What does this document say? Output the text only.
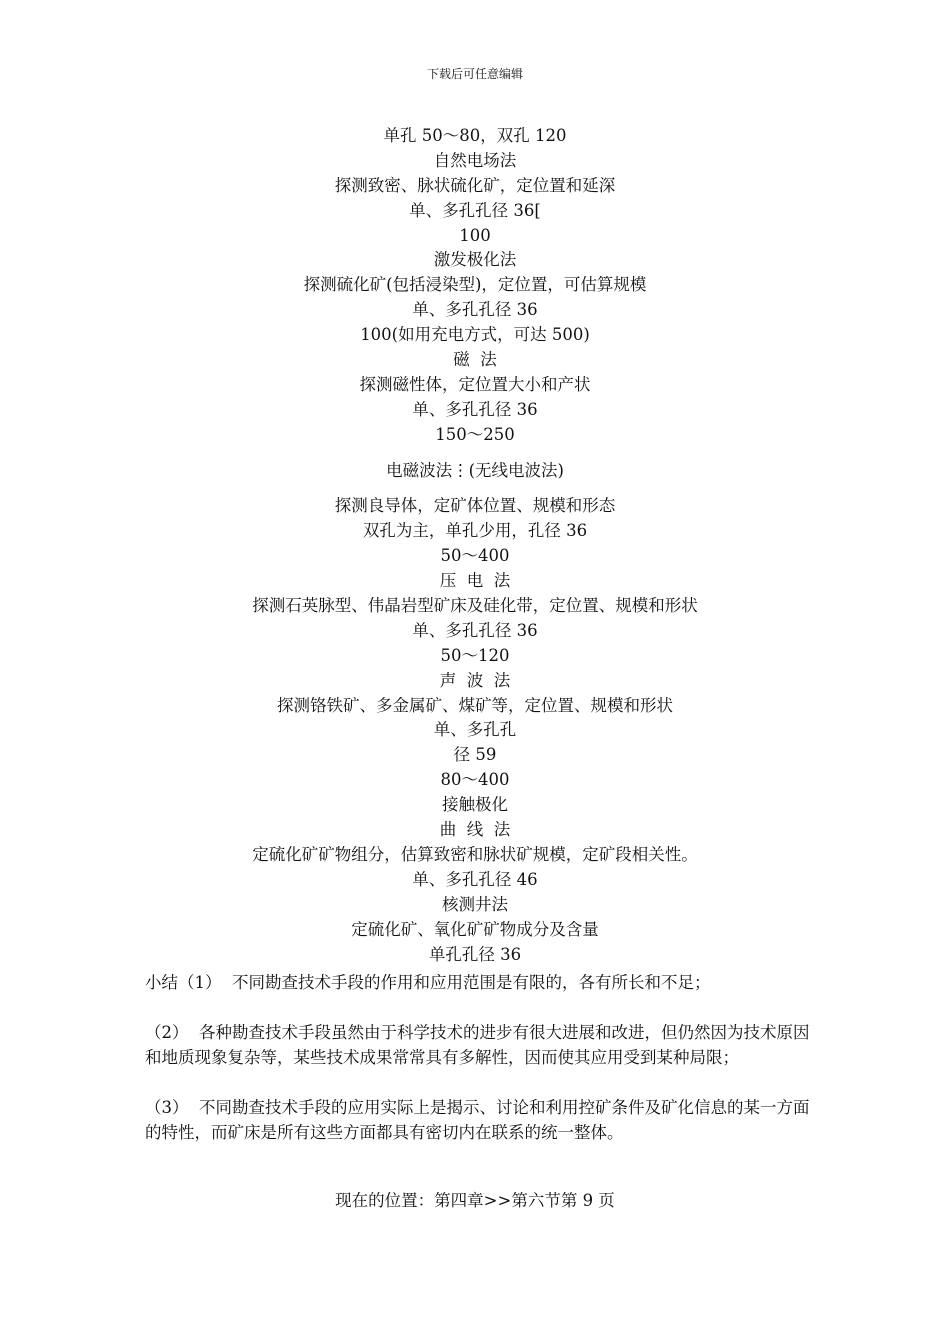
下载后可任意编辑
单孔 50～80，双孔 120
自然电场法
探测致密、脉状硫化矿，定位置和延深
单、多孔孔径 36[
100
激发极化法
探测硫化矿(包括浸染型)，定位置，可估算规模
单、多孔孔径 36
100(如用充电方式，可达 500)
磁  法
探测磁性体，定位置大小和产状
单、多孔孔径 36
150～250
电磁波法⋮(无线电波法)
探测良导体，定矿体位置、规模和形态
双孔为主，单孔少用，孔径 36
50～400
压  电  法
探测石英脉型、伟晶岩型矿床及硅化带，定位置、规模和形状
单、多孔孔径 36
50～120
声  波  法
探测铬铁矿、多金属矿、煤矿等，定位置、规模和形状
单、多孔孔
径 59
80～400
接触极化
曲  线  法
定硫化矿矿物组分，估算致密和脉状矿规模，定矿段相关性。
单、多孔孔径 46
核测井法
定硫化矿、氧化矿矿物成分及含量
单孔孔径 36

小结（1）  不同勘查技术手段的作用和应用范围是有限的，各有所长和不足；

（2）  各种勘查技术手段虽然由于科学技术的进步有很大进展和改进，但仍然因为技术原因和地质现象复杂等，某些技术成果常常具有多解性，因而使其应用受到某种局限；

（3）  不同勘查技术手段的应用实际上是揭示、讨论和利用控矿条件及矿化信息的某一方面的特性，而矿床是所有这些方面都具有密切内在联系的统一整体。

现在的位置：第四章>>第六节第 9 页
